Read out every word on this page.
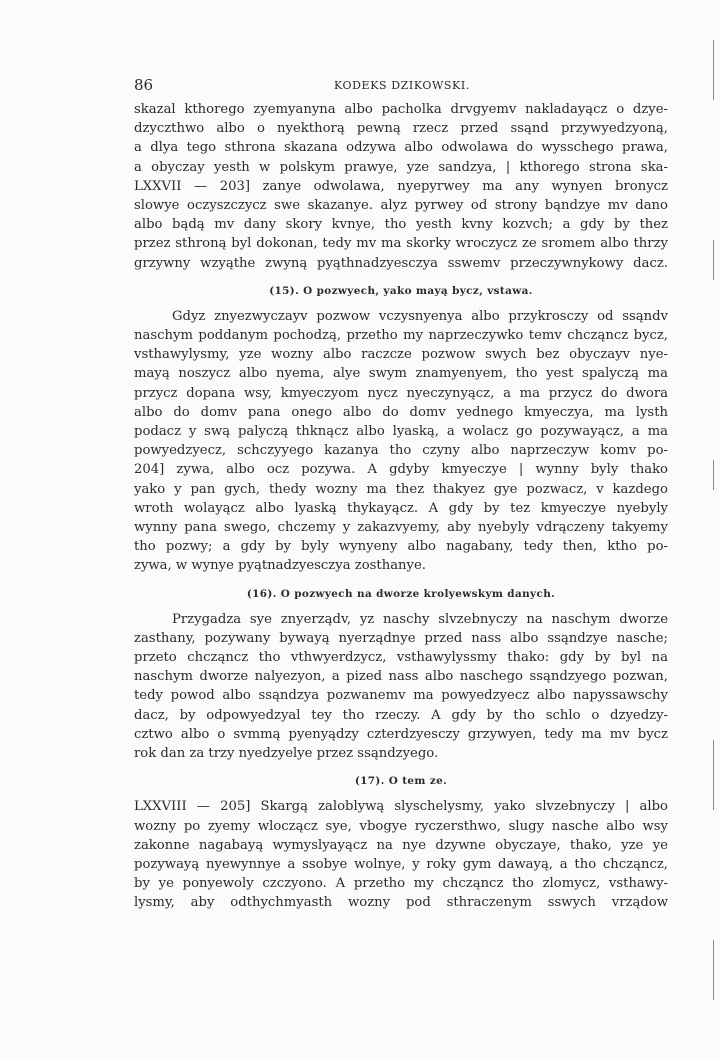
86	KODEKS DZIKOWSKI.
skazal kthorego zyemyanyna albo pacholka drvgyemv nakladayącz o dzye-
dzyczthwo albo o nyekthorą pewną rzecz przed ssąnd przywyedzyoną,
a dlya tego sthrona skazana odzywa albo odwolawa do wysschego prawa,
a obyczay yesth w polskym prawye, yze sandzya, | kthorego strona ska-
LXXVII — 203] zanye odwolawa, nyepyrwey ma any wynyen bronycz
slowye oczyszczycz swe skazanye. alyz pyrwey od strony bąndzye mv dano
albo bądą mv dany skory kvnye, tho yesth kvny kozvch; a gdy by thez
przez sthroną byl dokonan, tedy mv ma skorky wroczycz ze sromem albo thrzy
grzywny wzyąthe zwyną pyąthnadzyesczya sswemv przeczywnykowy dacz.

(15). O pozwyech, yako mayą bycz, vstawa.

Gdyz znyezwyczayv pozwow vczysnyenya albo przykrosczy od ssąndv
naschym poddanym pochodzą, przetho my naprzeczywko temv chcząncz bycz,
vsthawylysmy, yze wozny albo raczcze pozwow swych bez obyczayv nye-
mayą noszycz albo nyema, alye swym znamyenyem, tho yest spalyczą ma
przycz dopana wsy, kmyeczyom nycz nyeczynyącz, a ma przycz do dwora
albo do domv pana onego albo do domv yednego kmyeczya, ma lysth
podacz y swą palyczą thknącz albo lyaską, a wolacz go pozywayącz, a ma
powyedzyecz, schczyyego kazanya tho czyny albo naprzeczyw komv po-
204] zywa, albo ocz pozywa. A gdyby kmyeczye | wynny byly thako
yako y pan gych, thedy wozny ma thez thakyez gye pozwacz, v kazdego
wroth wolayącz albo lyaską thykayącz. A gdy by tez kmyeczye nyebyly
wynny pana swego, chczemy y zakazvyemy, aby nyebyly vdrączeny takyemy
tho pozwy; a gdy by byly wynyeny albo nagabany, tedy then, ktho po-
zywa, w wynye pyątnadzyesczya zosthanye.

(16). O pozwyech na dworze krolyewskym danych.

Przygadza sye znyerządv, yz naschy slvzebnyczy na naschym dworze
zasthany, pozywany bywayą nyerządnye przed nass albo ssąndzye nasche;
przeto chcząncz tho vthwyerdzycz, vsthawylyssmy thako: gdy by byl na
naschym dworze nalyezyon, a pized nass albo naschego ssąndzyego pozwan,
tedy powod albo ssąndzya pozwanemv ma powyedzyecz albo napyssawschy
dacz, by odpowyedzyal tey tho rzeczy. A gdy by tho schlo o dzyedzy-
cztwo albo o svmmą pyenyądzy czterdzyesczy grzywyen, tedy ma mv bycz
rok dan za trzy nyedzyelye przez ssąndzyego.

(17). O tem ze.

LXXVIII — 205] Skargą zaloblywą slyschelysmy, yako slvzebnyczy | albo
wozny po zyemy wloczącz sye, vbogye ryczersthwo, slugy nasche albo wsy
zakonne nagabayą wymyslyayącz na nye dzywne obyczaye, thako, yze ye
pozywayą nyewynnye a ssobye wolnye, y roky gym dawayą, a tho chcząncz,
by ye ponyewoly czczyono. A przetho my chcząncz tho zlomycz, vsthawy-
lysmy, aby odthychmyasth wozny pod sthraczenym sswych vrządow
